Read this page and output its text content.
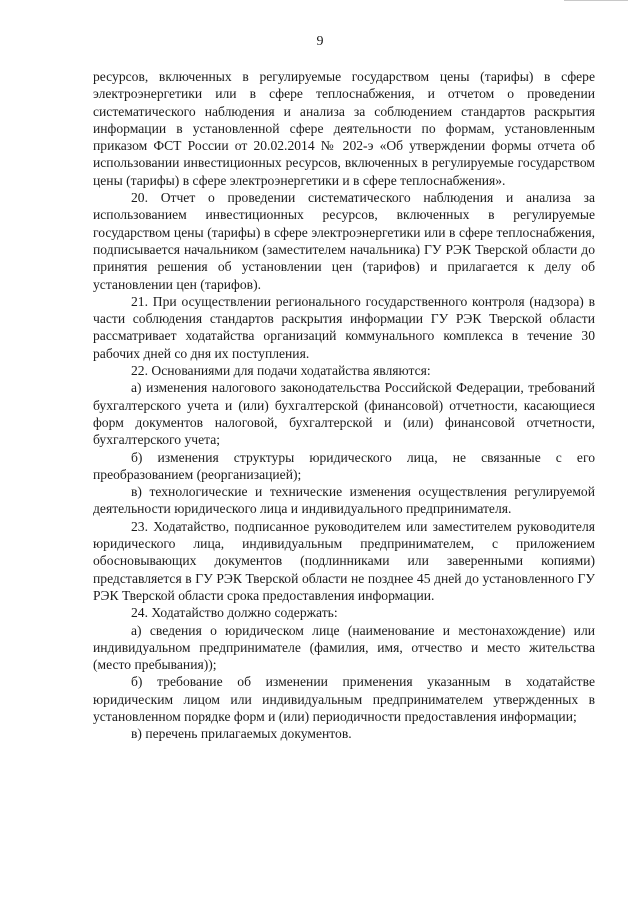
9

ресурсов, включенных в регулируемые государством цены (тарифы) в сфере электроэнергетики или в сфере теплоснабжения, и отчетом о проведении систематического наблюдения и анализа за соблюдением стандартов раскрытия информации в установленной сфере деятельности по формам, установленным приказом ФСТ России от 20.02.2014 № 202-э «Об утверждении формы отчета об использовании инвестиционных ресурсов, включенных в регулируемые государством цены (тарифы) в сфере электроэнергетики и в сфере теплоснабжения».

20. Отчет о проведении систематического наблюдения и анализа за использованием инвестиционных ресурсов, включенных в регулируемые государством цены (тарифы) в сфере электроэнергетики или в сфере теплоснабжения, подписывается начальником (заместителем начальника) ГУ РЭК Тверской области до принятия решения об установлении цен (тарифов) и прилагается к делу об установлении цен (тарифов).

21. При осуществлении регионального государственного контроля (надзора) в части соблюдения стандартов раскрытия информации ГУ РЭК Тверской области рассматривает ходатайства организаций коммунального комплекса в течение 30 рабочих дней со дня их поступления.

22. Основаниями для подачи ходатайства являются:

а) изменения налогового законодательства Российской Федерации, требований бухгалтерского учета и (или) бухгалтерской (финансовой) отчетности, касающиеся форм документов налоговой, бухгалтерской и (или) финансовой отчетности, бухгалтерского учета;

б) изменения структуры юридического лица, не связанные с его преобразованием (реорганизацией);

в) технологические и технические изменения осуществления регулируемой деятельности юридического лица и индивидуального предпринимателя.

23. Ходатайство, подписанное руководителем или заместителем руководителя юридического лица, индивидуальным предпринимателем, с приложением обосновывающих документов (подлинниками или заверенными копиями) представляется в ГУ РЭК Тверской области не позднее 45 дней до установленного ГУ РЭК Тверской области срока предоставления информации.

24. Ходатайство должно содержать:

а) сведения о юридическом лице (наименование и местонахождение) или индивидуальном предпринимателе (фамилия, имя, отчество и место жительства (место пребывания));

б) требование об изменении применения указанным в ходатайстве юридическим лицом или индивидуальным предпринимателем утвержденных в установленном порядке форм и (или) периодичности предоставления информации;

в) перечень прилагаемых документов.
